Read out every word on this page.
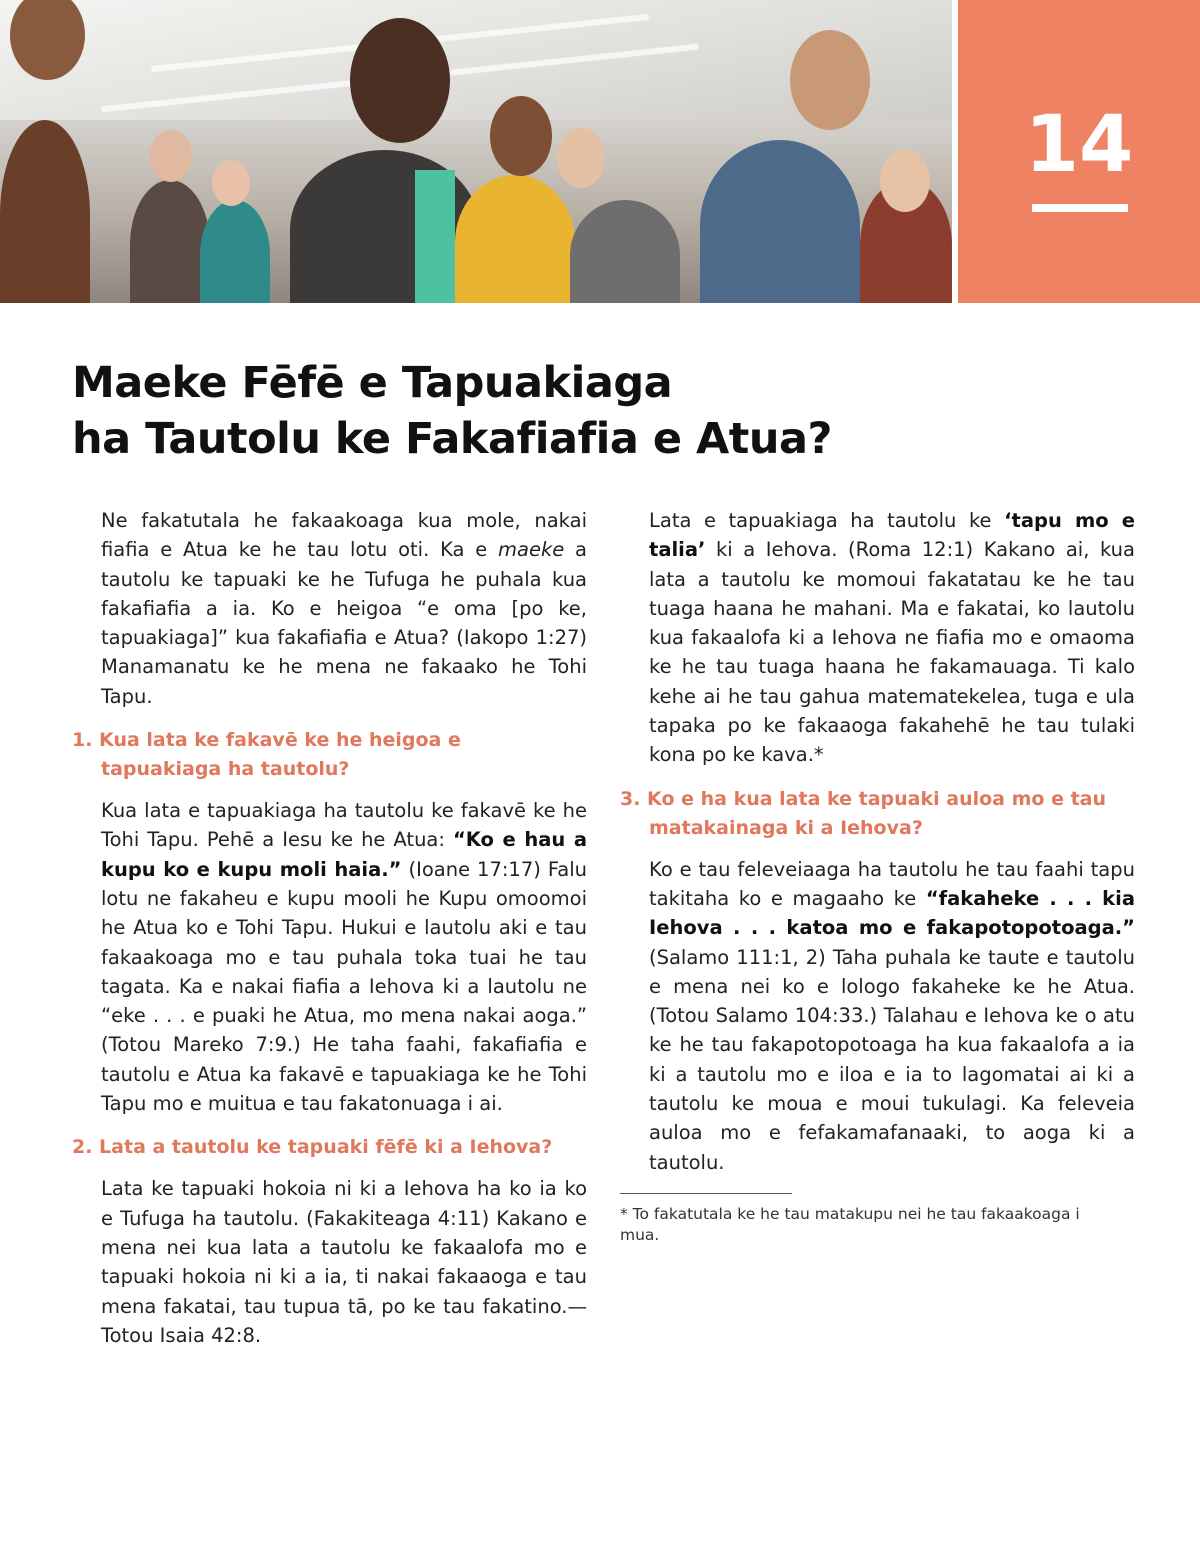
14
Maeke Fēfē e Tapuakiaga
ha Tautolu ke Fakafiafia e Atua?

Ne fakatutala he fakaakoaga kua mole, nakai fiafia e Atua ke he tau lotu oti. Ka e maeke a tautolu ke tapuaki ke he Tufuga he puhala kua fakafiafia a ia. Ko e heigoa “e oma [po ke, tapuakiaga]” kua fakafiafia e Atua? (Iakopo 1:27) Manamanatu ke he mena ne fakaako he Tohi Tapu.

1. Kua lata ke fakavē ke he heigoa e tapuakiaga ha tautolu?

Kua lata e tapuakiaga ha tautolu ke fakavē ke he Tohi Tapu. Pehē a Iesu ke he Atua: “Ko e hau a kupu ko e kupu moli haia.” (Ioane 17:17) Falu lotu ne fakaheu e kupu mooli he Kupu omoomoi he Atua ko e Tohi Tapu. Hukui e lautolu aki e tau fakaakoaga mo e tau puhala toka tuai he tau tagata. Ka e nakai fiafia a Iehova ki a lautolu ne “eke . . . e puaki he Atua, mo mena nakai aoga.” (Totou Mareko 7:9.) He taha faahi, fakafiafia e tautolu e Atua ka fakavē e tapuakiaga ke he Tohi Tapu mo e muitua e tau fakatonuaga i ai.

2. Lata a tautolu ke tapuaki fēfē ki a Iehova?

Lata ke tapuaki hokoia ni ki a Iehova ha ko ia ko e Tufuga ha tautolu. (Fakakiteaga 4:11) Kakano e mena nei kua lata a tautolu ke fakaalofa mo e tapuaki hokoia ni ki a ia, ti nakai fakaaoga e tau mena fakatai, tau tupua tā, po ke tau fakatino.—Totou Isaia 42:8.

Lata e tapuakiaga ha tautolu ke ‘tapu mo e talia’ ki a Iehova. (Roma 12:1) Kakano ai, kua lata a tautolu ke momoui fakatatau ke he tau tuaga haana he mahani. Ma e fakatai, ko lautolu kua fakaalofa ki a Iehova ne fiafia mo e omaoma ke he tau tuaga haana he fakamauaga. Ti kalo kehe ai he tau gahua matematekelea, tuga e ula tapaka po ke fakaaoga fakahehē he tau tulaki kona po ke kava.*

3. Ko e ha kua lata ke tapuaki auloa mo e tau matakainaga ki a Iehova?

Ko e tau feleveiaaga ha tautolu he tau faahi tapu takitaha ko e magaaho ke “fakaheke . . . kia Iehova . . . katoa mo e fakapotopotoaga.” (Salamo 111:1, 2) Taha puhala ke taute e tautolu e mena nei ko e lologo fakaheke ke he Atua. (Totou Salamo 104:33.) Talahau e Iehova ke o atu ke he tau fakapotopotoaga ha kua fakaalofa a ia ki a tautolu mo e iloa e ia to lagomatai ai ki a tautolu ke moua e moui tukulagi. Ka feleveia auloa mo e fefakamafanaaki, to aoga ki a tautolu.

* To fakatutala ke he tau matakupu nei he tau fakaakoaga i mua.
